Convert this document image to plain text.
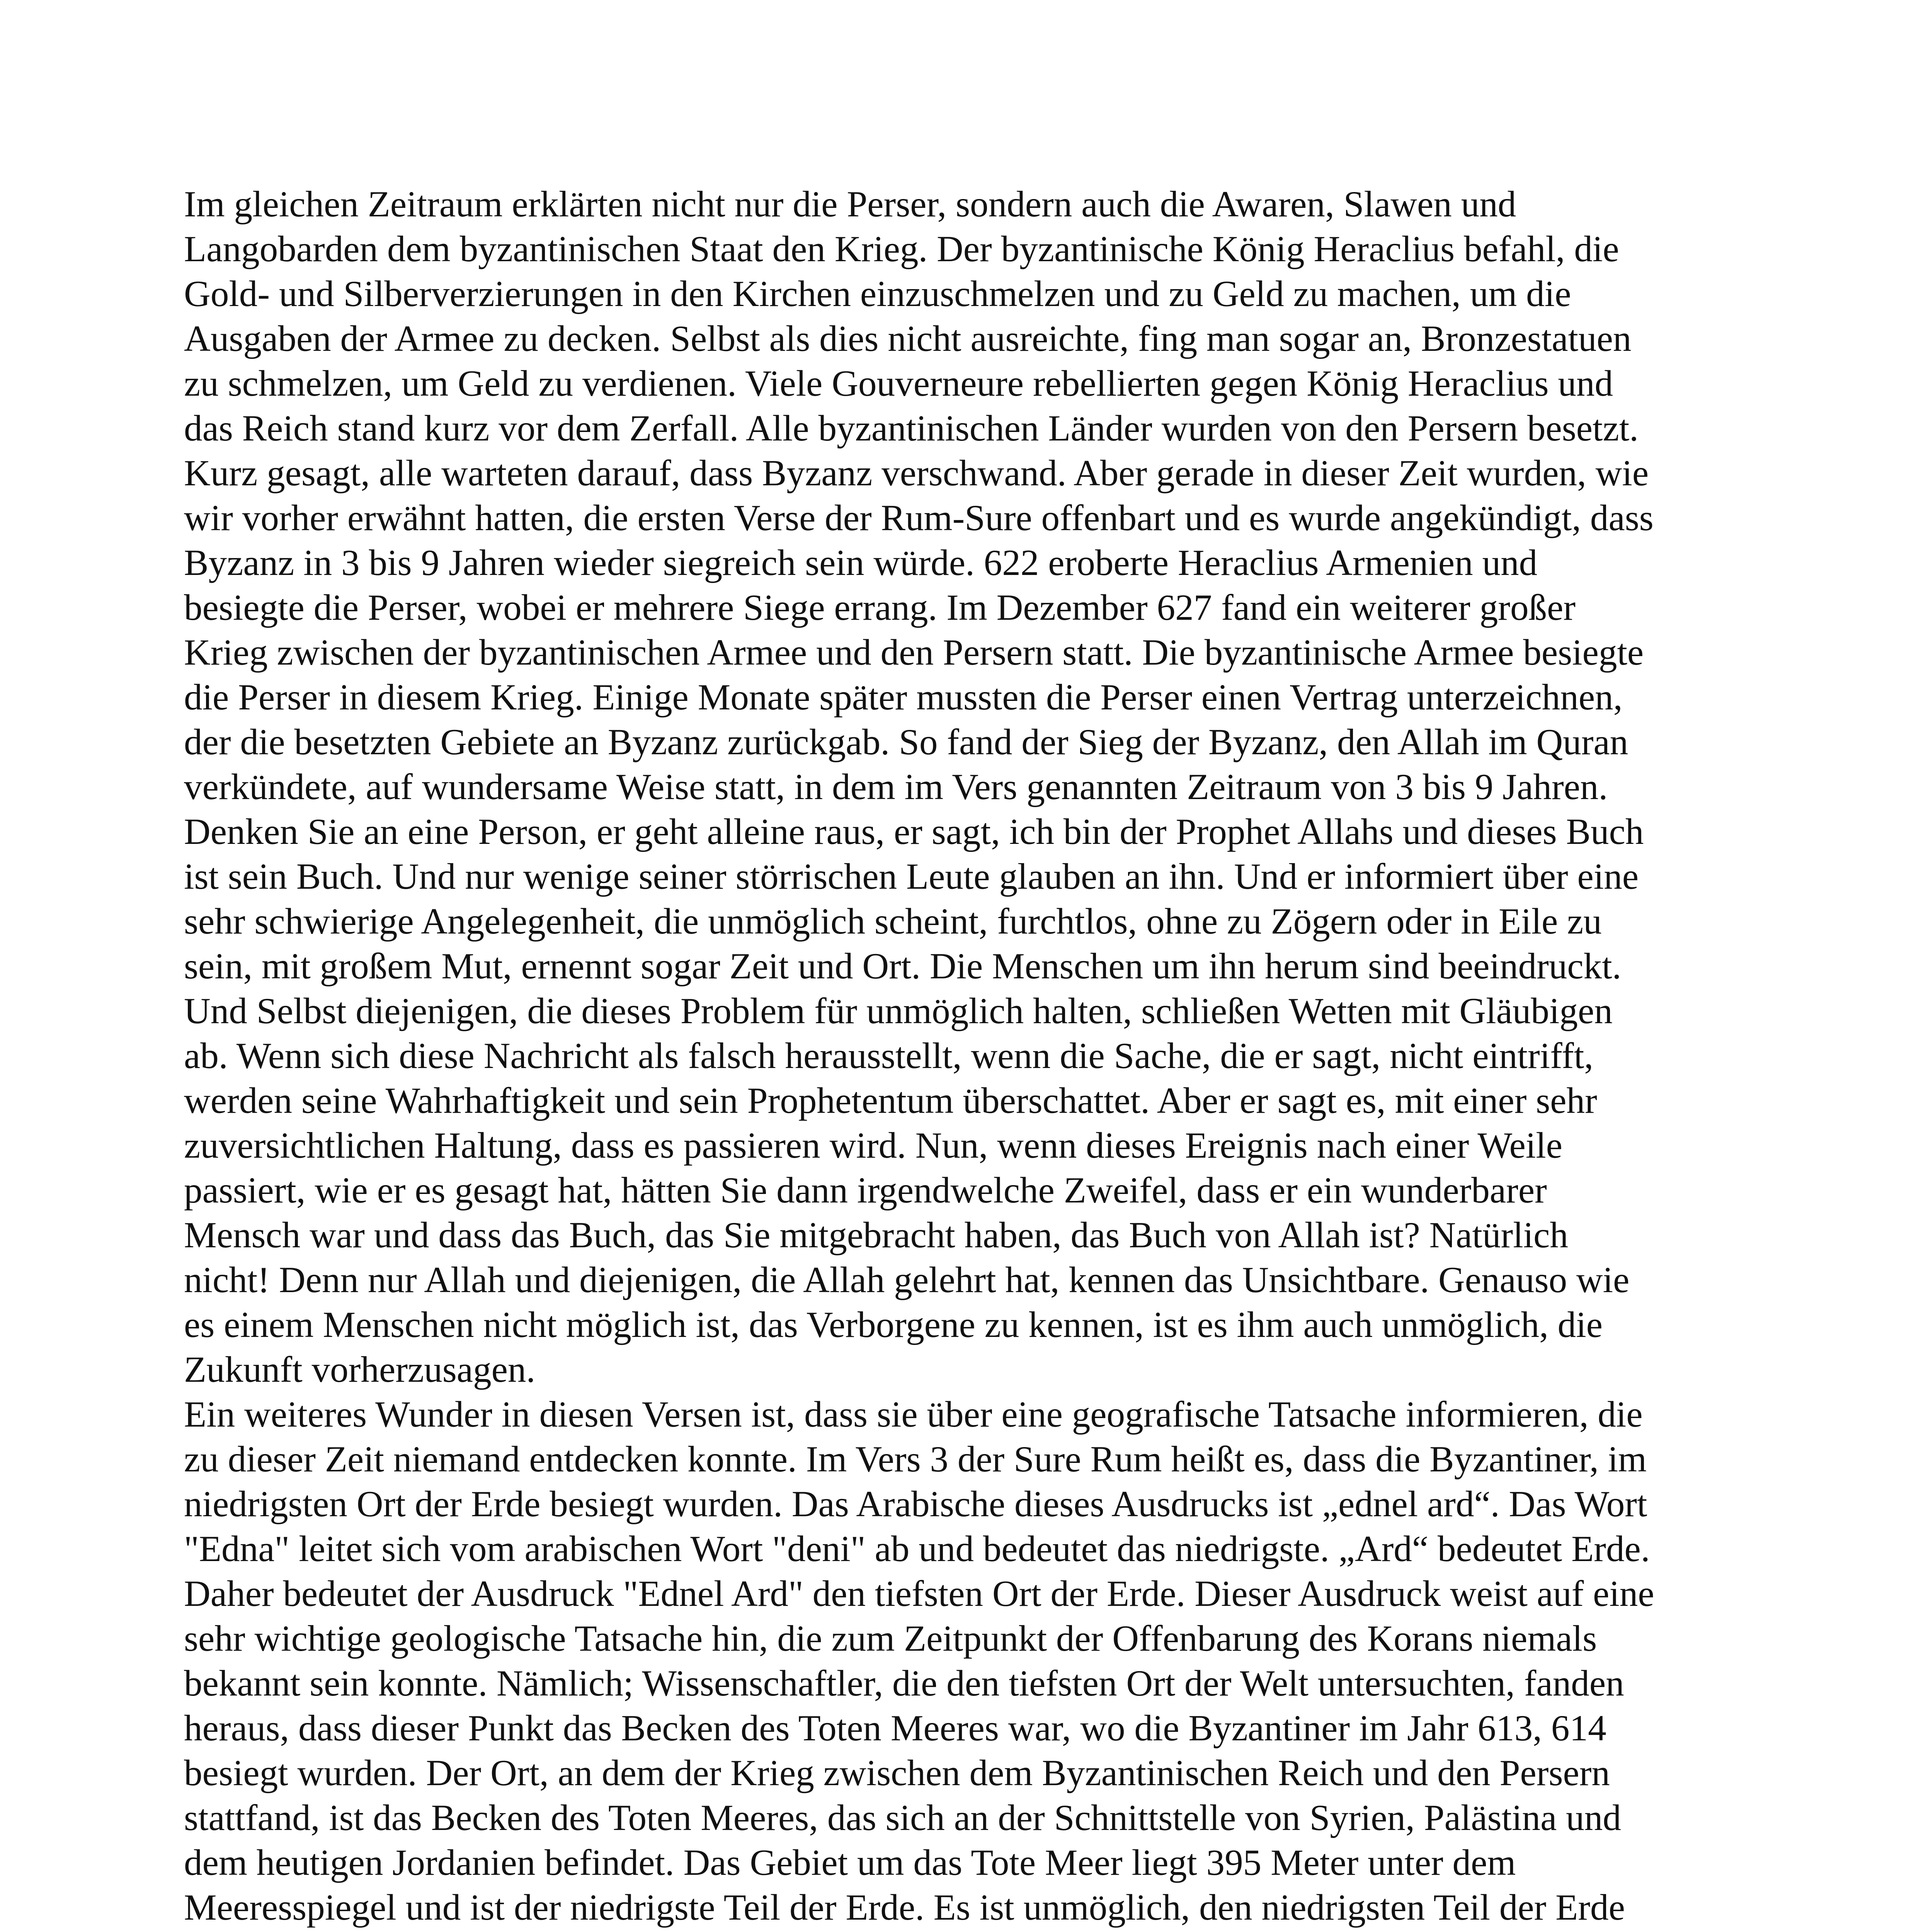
Im gleichen Zeitraum erklärten nicht nur die Perser, sondern auch die Awaren, Slawen und
Langobarden dem byzantinischen Staat den Krieg. Der byzantinische König Heraclius befahl, die
Gold- und Silberverzierungen in den Kirchen einzuschmelzen und zu Geld zu machen, um die
Ausgaben der Armee zu decken. Selbst als dies nicht ausreichte, fing man sogar an, Bronzestatuen
zu schmelzen, um Geld zu verdienen. Viele Gouverneure rebellierten gegen König Heraclius und
das Reich stand kurz vor dem Zerfall. Alle byzantinischen Länder wurden von den Persern besetzt.
Kurz gesagt, alle warteten darauf, dass Byzanz verschwand. Aber gerade in dieser Zeit wurden, wie
wir vorher erwähnt hatten, die ersten Verse der Rum-Sure offenbart und es wurde angekündigt, dass
Byzanz in 3 bis 9 Jahren wieder siegreich sein würde. 622 eroberte Heraclius Armenien und
besiegte die Perser, wobei er mehrere Siege errang. Im Dezember 627 fand ein weiterer großer
Krieg zwischen der byzantinischen Armee und den Persern statt. Die byzantinische Armee besiegte
die Perser in diesem Krieg. Einige Monate später mussten die Perser einen Vertrag unterzeichnen,
der die besetzten Gebiete an Byzanz zurückgab. So fand der Sieg der Byzanz, den Allah im Quran
verkündete, auf wundersame Weise statt, in dem im Vers genannten Zeitraum von 3 bis 9 Jahren.
Denken Sie an eine Person, er geht alleine raus, er sagt, ich bin der Prophet Allahs und dieses Buch
ist sein Buch. Und nur wenige seiner störrischen Leute glauben an ihn. Und er informiert über eine
sehr schwierige Angelegenheit, die unmöglich scheint, furchtlos, ohne zu Zögern oder in Eile zu
sein, mit großem Mut, ernennt sogar Zeit und Ort. Die Menschen um ihn herum sind beeindruckt.
Und Selbst diejenigen, die dieses Problem für unmöglich halten, schließen Wetten mit Gläubigen
ab. Wenn sich diese Nachricht als falsch herausstellt, wenn die Sache, die er sagt, nicht eintrifft,
werden seine Wahrhaftigkeit und sein Prophetentum überschattet. Aber er sagt es, mit einer sehr
zuversichtlichen Haltung, dass es passieren wird. Nun, wenn dieses Ereignis nach einer Weile
passiert, wie er es gesagt hat, hätten Sie dann irgendwelche Zweifel, dass er ein wunderbarer
Mensch war und dass das Buch, das Sie mitgebracht haben, das Buch von Allah ist? Natürlich
nicht! Denn nur Allah und diejenigen, die Allah gelehrt hat, kennen das Unsichtbare. Genauso wie
es einem Menschen nicht möglich ist, das Verborgene zu kennen, ist es ihm auch unmöglich, die
Zukunft vorherzusagen.
Ein weiteres Wunder in diesen Versen ist, dass sie über eine geografische Tatsache informieren, die
zu dieser Zeit niemand entdecken konnte. Im Vers 3 der Sure Rum heißt es, dass die Byzantiner, im
niedrigsten Ort der Erde besiegt wurden. Das Arabische dieses Ausdrucks ist „ednel ard“. Das Wort
"Edna" leitet sich vom arabischen Wort "deni" ab und bedeutet das niedrigste. „Ard“ bedeutet Erde.
Daher bedeutet der Ausdruck "Ednel Ard" den tiefsten Ort der Erde. Dieser Ausdruck weist auf eine
sehr wichtige geologische Tatsache hin, die zum Zeitpunkt der Offenbarung des Korans niemals
bekannt sein konnte. Nämlich; Wissenschaftler, die den tiefsten Ort der Welt untersuchten, fanden
heraus, dass dieser Punkt das Becken des Toten Meeres war, wo die Byzantiner im Jahr 613, 614
besiegt wurden. Der Ort, an dem der Krieg zwischen dem Byzantinischen Reich und den Persern
stattfand, ist das Becken des Toten Meeres, das sich an der Schnittstelle von Syrien, Palästina und
dem heutigen Jordanien befindet. Das Gebiet um das Tote Meer liegt 395 Meter unter dem
Meeresspiegel und ist der niedrigste Teil der Erde. Es ist unmöglich, den niedrigsten Teil der Erde
